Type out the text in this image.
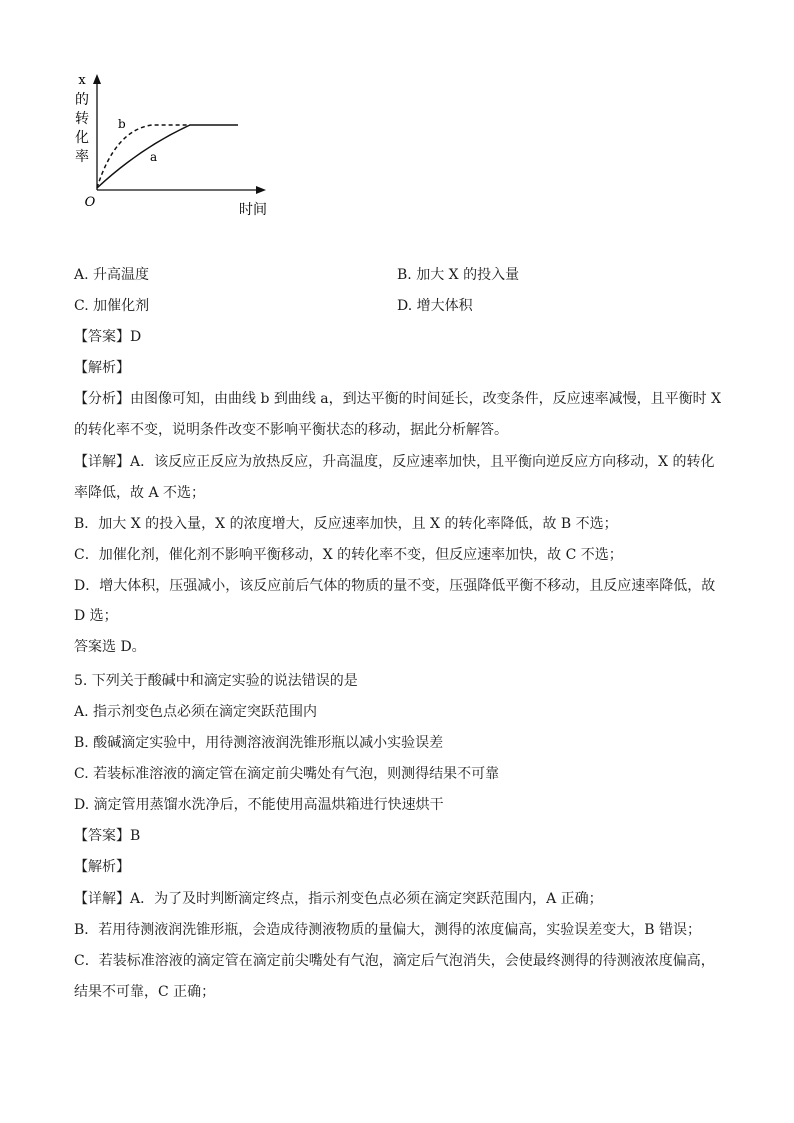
x
的
转
化
率
O	时间
a
b
A. 升高温度	B. 加大 X 的投入量
C. 加催化剂	D. 增大体积
【答案】D
【解析】
【分析】由图像可知，由曲线 b 到曲线 a，到达平衡的时间延长，改变条件，反应速率减慢，且平衡时 X
的转化率不变，说明条件改变不影响平衡状态的移动，据此分析解答。
【详解】A．该反应正反应为放热反应，升高温度，反应速率加快，且平衡向逆反应方向移动，X 的转化
率降低，故 A 不选；
B．加大 X 的投入量，X 的浓度增大，反应速率加快，且 X 的转化率降低，故 B 不选；
C．加催化剂，催化剂不影响平衡移动，X 的转化率不变，但反应速率加快，故 C 不选；
D．增大体积，压强减小，该反应前后气体的物质的量不变，压强降低平衡不移动，且反应速率降低，故
D 选；
答案选 D。
5. 下列关于酸碱中和滴定实验的说法错误的是
A. 指示剂变色点必须在滴定突跃范围内
B. 酸碱滴定实验中，用待测溶液润洗锥形瓶以减小实验误差
C. 若装标准溶液的滴定管在滴定前尖嘴处有气泡，则测得结果不可靠
D. 滴定管用蒸馏水洗净后，不能使用高温烘箱进行快速烘干
【答案】B
【解析】
【详解】A．为了及时判断滴定终点，指示剂变色点必须在滴定突跃范围内，A 正确；
B．若用待测液润洗锥形瓶，会造成待测液物质的量偏大，测得的浓度偏高，实验误差变大，B 错误；
C．若装标准溶液的滴定管在滴定前尖嘴处有气泡，滴定后气泡消失，会使最终测得的待测液浓度偏高，
结果不可靠，C 正确；
